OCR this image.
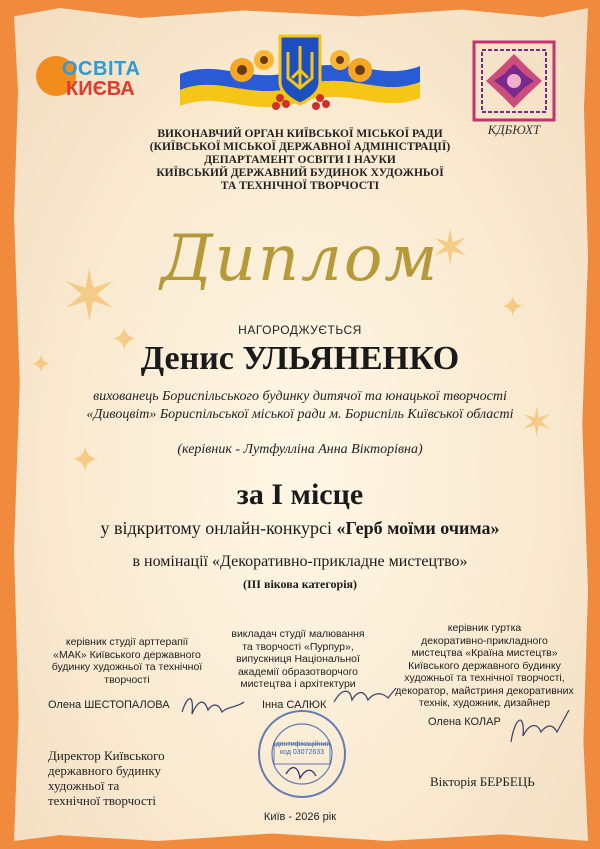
✶
✦
✦
✶
✦
✶
✦
ОСВІТА
КИЄВА
КДБЮХТ
ВИКОНАВЧИЙ ОРГАН КИЇВСЬКОЇ МІСЬКОЇ РАДИ
(КИЇВСЬКОЇ МІСЬКОЇ ДЕРЖАВНОЇ АДМІНІСТРАЦІЇ)
ДЕПАРТАМЕНТ ОСВІТИ І НАУКИ
КИЇВСЬКИЙ ДЕРЖАВНИЙ БУДИНОК ХУДОЖНЬОЇ
ТА ТЕХНІЧНОЇ ТВОРЧОСТІ
Диплом
НАГОРОДЖУЄТЬСЯ
Денис УЛЬЯНЕНКО
вихованець Бориспільського будинку дитячої та юнацької творчості
«Дивоцвіт» Бориспільської міської ради м. Бориспіль Київської області
(керівник - Лутфулліна Анна Вікторівна)
за І місце
у відкритому онлайн-конкурсі «Герб моїми очима»
в номінації «Декоративно-прикладне мистецтво»
(ІІІ вікова категорія)
керівник студії арттерапії
«МАК» Київського державного
будинку художньої та технічної
творчості
Олена ШЕСТОПАЛОВА
викладач студії малювання
та творчості «Пурпур»,
випускниця Національної
академії образотворчого
мистецтва і архітектури
Інна САЛЮК
керівник гуртка
декоративно-прикладного
мистецтва «Країна мистецтв»
Київського державного будинку
художньої та технічної творчості,
декоратор, майстриня декоративних
технік, художник, дизайнер
Олена КОЛАР
Директор Київського
державного будинку
художньої та
технічної творчості
Вікторія БЕРБЕЦЬ
Ідентифікаційний
код 03072633
Київ - 2026 рік
